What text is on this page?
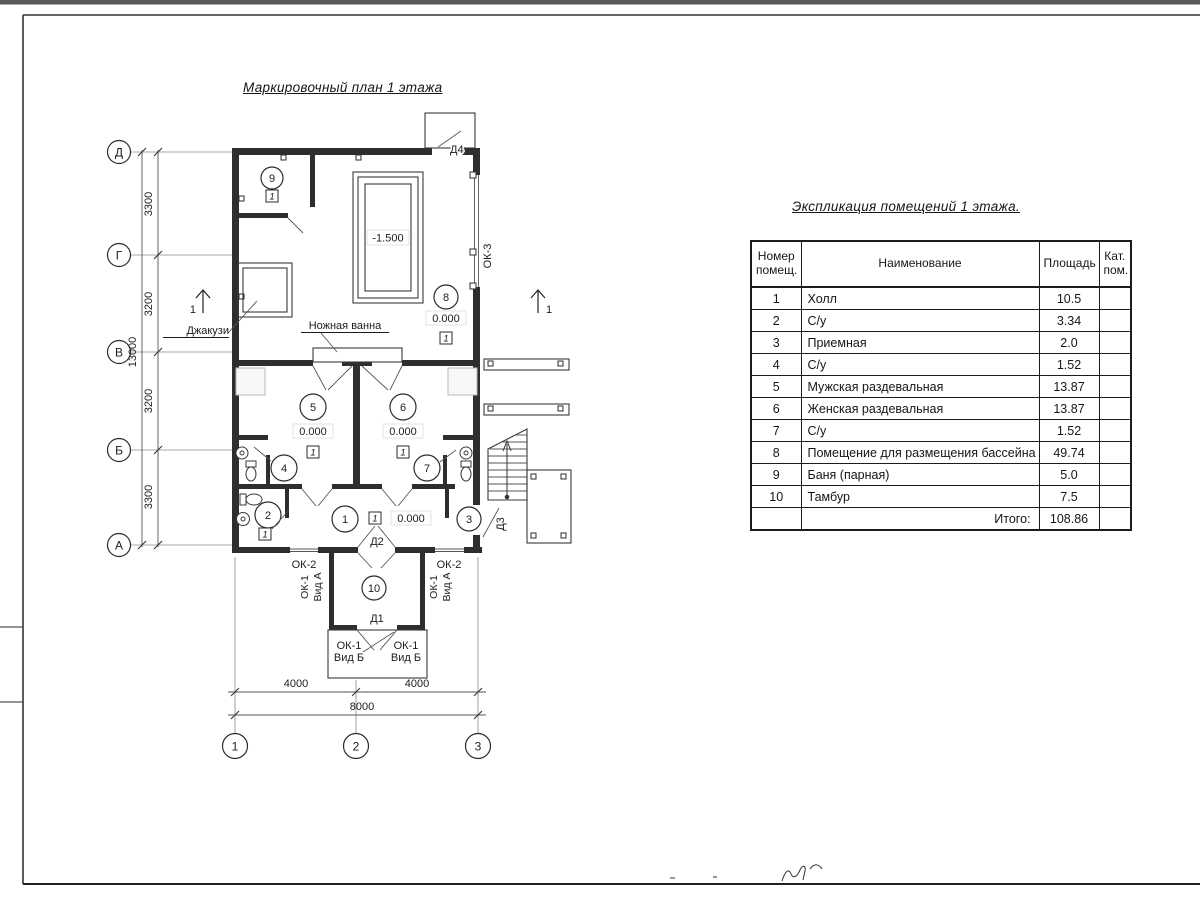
Д
Г
В
Б
А
3300
3200
3200
3300
13000
1	2	3
4000	4000
8000
-1.500
Джакузи	Ножная ванна
1	1
9
1
8
0.000
1
5
0.000
1
6
0.000
1
4	7
2
1
1	1 0.000	3
10
Д4
Д2
Д1
Д3
ОК-3
ОК-2	ОК-2
ОК-1 Вид А	ОК-1 Вид А
ОК-1
Вид Б
ОК-1
Вид Б
Маркировочный план 1 этажа
Экспликация помещений 1 этажа.
Номер помещ.	Наименование	Площадь	Кат. пом.
1	Холл	10.5	
2	С/у	3.34	
3	Приемная	2.0	
4	С/у	1.52	
5	Мужская раздевальная	13.87	
6	Женская раздевальная	13.87	
7	С/у	1.52	
8	Помещение для размещения бассейна	49.74	
9	Баня (парная)	5.0	
10	Тамбур	7.5	
	Итого:	108.86	
